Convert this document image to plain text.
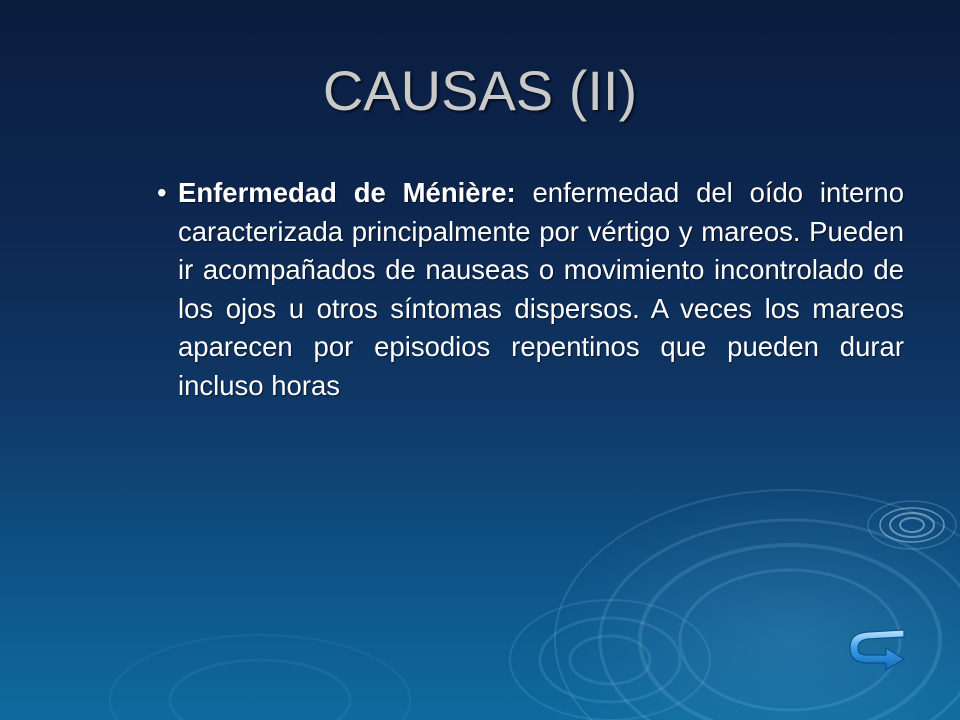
CAUSAS (II)
• Enfermedad de Ménière: enfermedad del oído interno caracterizada principalmente por vértigo y mareos. Pueden ir acompañados de nauseas o movimiento incontrolado de los ojos u otros síntomas dispersos. A veces los mareos aparecen por episodios repentinos que pueden durar incluso horas
